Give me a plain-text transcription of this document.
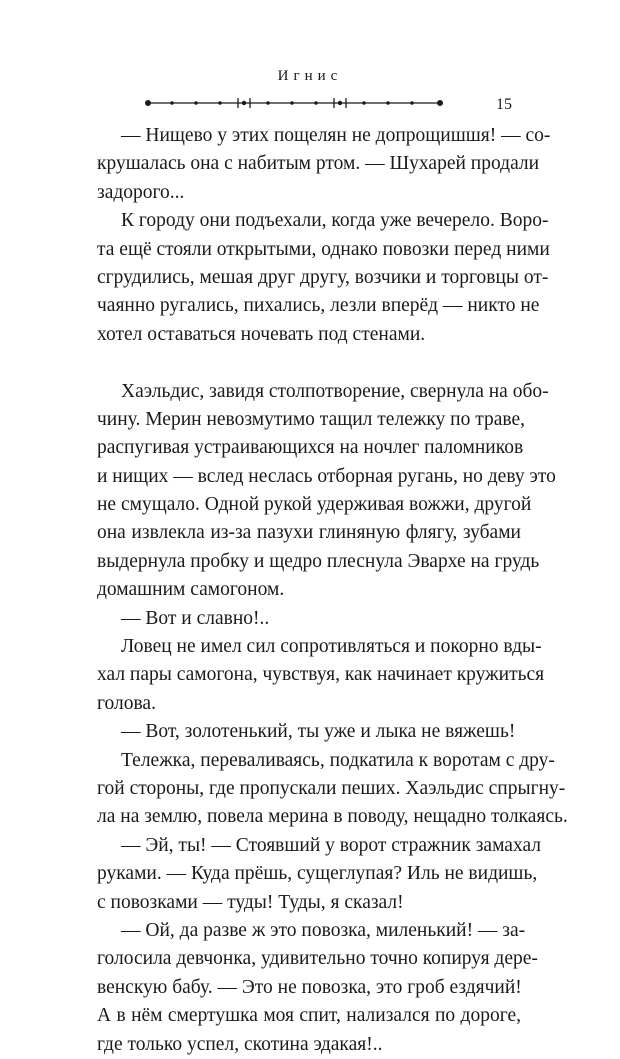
Игнис
15
— Нищево у этих пощелян не допрощишшя! — со-
крушалась она с набитым ртом. — Шухарей продали
задорого...
К городу они подъехали, когда уже вечерело. Воро-
та ещё стояли открытыми, однако повозки перед ними
сгрудились, мешая друг другу, возчики и торговцы от-
чаянно ругались, пихались, лезли вперёд — никто не
хотел оставаться ночевать под стенами.
Хаэльдис, завидя столпотворение, свернула на обо-
чину. Мерин невозмутимо тащил тележку по траве,
распугивая устраивающихся на ночлег паломников
и нищих — вслед неслась отборная ругань, но деву это
не смущало. Одной рукой удерживая вожжи, другой
она извлекла из-за пазухи глиняную флягу, зубами
выдернула пробку и щедро плеснула Эвархе на грудь
домашним самогоном.
— Вот и славно!..
Ловец не имел сил сопротивляться и покорно вды-
хал пары самогона, чувствуя, как начинает кружиться
голова.
— Вот, золотенький, ты уже и лыка не вяжешь!
Тележка, переваливаясь, подкатила к воротам с дру-
гой стороны, где пропускали пеших. Хаэльдис спрыгну-
ла на землю, повела мерина в поводу, нещадно толкаясь.
— Эй, ты! — Стоявший у ворот стражник замахал
руками. — Куда прёшь, сущеглупая? Иль не видишь,
с повозками — туды! Туды, я сказал!
— Ой, да разве ж это повозка, миленький! — за-
голосила девчонка, удивительно точно копируя дере-
венскую бабу. — Это не повозка, это гроб ездячий!
А в нём смертушка моя спит, нализался по дороге,
где только успел, скотина эдакая!..
